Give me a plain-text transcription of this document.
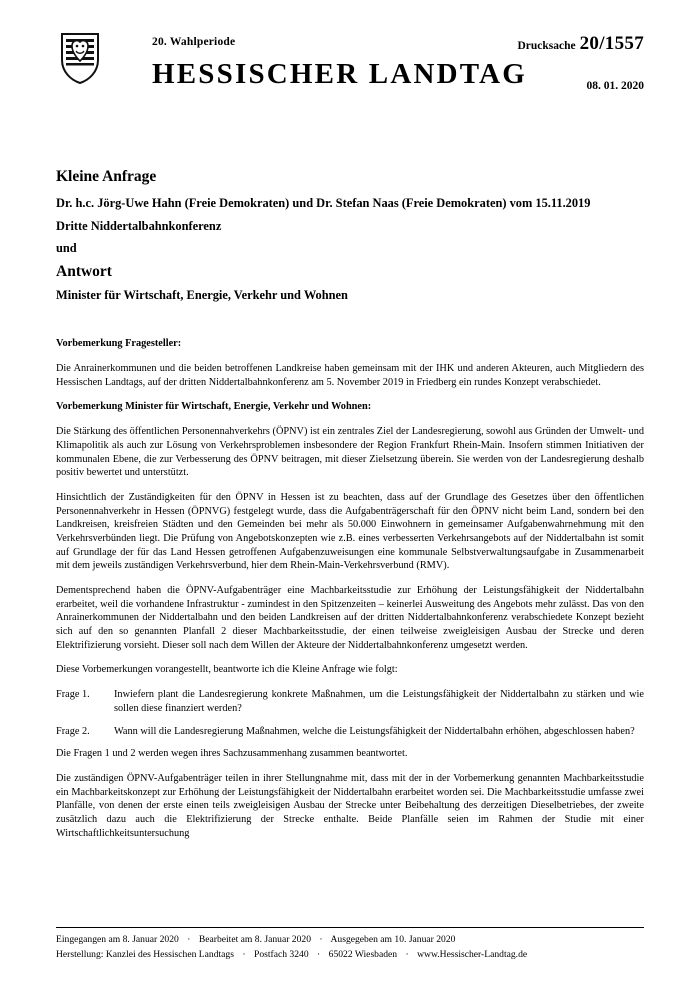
20. Wahlperiode	Drucksache 20/1557
HESSISCHER LANDTAG	08. 01. 2020
Kleine Anfrage
Dr. h.c. Jörg-Uwe Hahn (Freie Demokraten) und Dr. Stefan Naas (Freie Demokraten) vom 15.11.2019
Dritte Niddertalbahnkonferenz
und
Antwort
Minister für Wirtschaft, Energie, Verkehr und Wohnen

Vorbemerkung Fragesteller:

Die Anrainerkommunen und die beiden betroffenen Landkreise haben gemeinsam mit der IHK und anderen Akteuren, auch Mitgliedern des Hessischen Landtags, auf der dritten Niddertalbahnkonferenz am 5. November 2019 in Friedberg ein rundes Konzept verabschiedet.

Vorbemerkung Minister für Wirtschaft, Energie, Verkehr und Wohnen:

Die Stärkung des öffentlichen Personennahverkehrs (ÖPNV) ist ein zentrales Ziel der Landesregierung, sowohl aus Gründen der Umwelt- und Klimapolitik als auch zur Lösung von Verkehrsproblemen insbesondere der Region Frankfurt Rhein-Main. Insofern stimmen Initiativen der kommunalen Ebene, die zur Verbesserung des ÖPNV beitragen, mit dieser Zielsetzung überein. Sie werden von der Landesregierung deshalb positiv bewertet und unterstützt.

Hinsichtlich der Zuständigkeiten für den ÖPNV in Hessen ist zu beachten, dass auf der Grundlage des Gesetzes über den öffentlichen Personennahverkehr in Hessen (ÖPNVG) festgelegt wurde, dass die Aufgabenträgerschaft für den ÖPNV nicht beim Land, sondern bei den Landkreisen, kreisfreien Städten und den Gemeinden bei mehr als 50.000 Einwohnern in gemeinsamer Aufgabenwahrnehmung mit den Verkehrsverbünden liegt. Die Prüfung von Angebotskonzepten wie z.B. eines verbesserten Verkehrsangebots auf der Niddertalbahn ist somit auf Grundlage der für das Land Hessen getroffenen Aufgabenzuweisungen eine kommunale Selbstverwaltungsaufgabe in Zusammenarbeit mit dem jeweils zuständigen Verkehrsverbund, hier dem Rhein-Main-Verkehrsverbund (RMV).

Dementsprechend haben die ÖPNV-Aufgabenträger eine Machbarkeitsstudie zur Erhöhung der Leistungsfähigkeit der Niddertalbahn erarbeitet, weil die vorhandene Infrastruktur - zumindest in den Spitzenzeiten – keinerlei Ausweitung des Angebots mehr zulässt. Das von den Anrainerkommunen der Niddertalbahn und den beiden Landkreisen auf der dritten Niddertalbahnkonferenz verabschiedete Konzept bezieht sich auf den so genannten Planfall 2 dieser Machbarkeitsstudie, der einen teilweise zweigleisigen Ausbau der Strecke und deren Elektrifizierung vorsieht. Dieser soll nach dem Willen der Akteure der Niddertalbahnkonferenz umgesetzt werden.

Diese Vorbemerkungen vorangestellt, beantworte ich die Kleine Anfrage wie folgt:

Frage 1.	Inwiefern plant die Landesregierung konkrete Maßnahmen, um die Leistungsfähigkeit der Niddertalbahn zu stärken und wie sollen diese finanziert werden?
Frage 2.	Wann will die Landesregierung Maßnahmen, welche die Leistungsfähigkeit der Niddertalbahn erhöhen, abgeschlossen haben?

Die Fragen 1 und 2 werden wegen ihres Sachzusammenhang zusammen beantwortet.

Die zuständigen ÖPNV-Aufgabenträger teilen in ihrer Stellungnahme mit, dass mit der in der Vorbemerkung genannten Machbarkeitsstudie ein Machbarkeitskonzept zur Erhöhung der Leistungsfähigkeit der Niddertalbahn erarbeitet worden sei. Die Machbarkeitsstudie umfasse zwei Planfälle, von denen der erste einen teils zweigleisigen Ausbau der Strecke unter Beibehaltung des derzeitigen Dieselbetriebes, der zweite zusätzlich dazu auch die Elektrifizierung der Strecke enthalte. Beide Planfälle seien im Rahmen der Studie mit einer Wirtschaftlichkeitsuntersuchung

Eingegangen am 8. Januar 2020 · Bearbeitet am 8. Januar 2020 · Ausgegeben am 10. Januar 2020
Herstellung: Kanzlei des Hessischen Landtags · Postfach 3240 · 65022 Wiesbaden · www.Hessischer-Landtag.de
